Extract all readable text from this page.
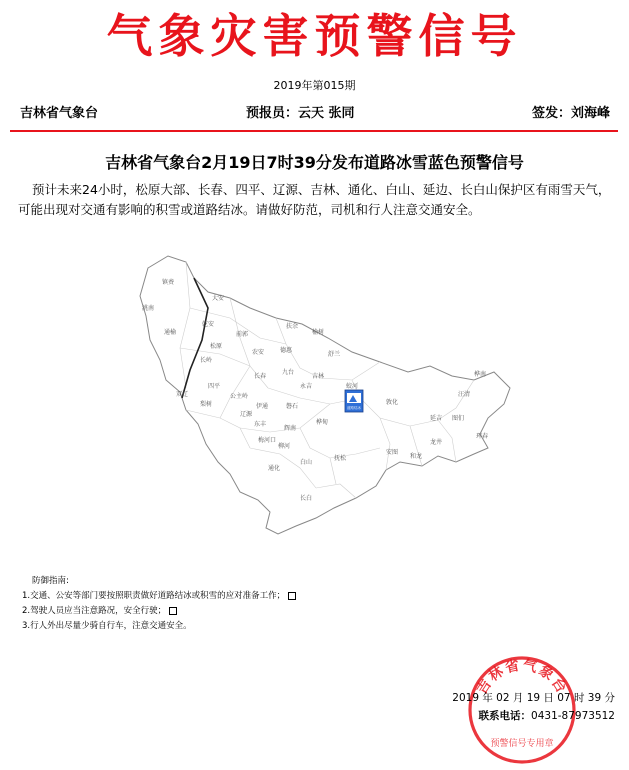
气象灾害预警信号
2019年第015期
吉林省气象台	预报员：云天 张同	签发：刘海峰
吉林省气象台2月19日7时39分发布道路冰雪蓝色预警信号
预计未来24小时，松原大部、长春、四平、辽源、吉林、通化、白山、延边、长白山保护区有雨雪天气，可能出现对交通有影响的积雪或道路结冰。请做好防范，司机和行人注意交通安全。
镇赉
洮南
通榆
大安
乾安
前郭
扶余
榆树
德惠
农安
松原
长岭
长春
双辽
九台
舒兰
吉林
蛟河
敦化
安图
公主岭
伊通	磐石
桦甸
梨树
四平
东丰
辽源
辉南
抚松
梅河口
柳河
通化
白山
长白
和龙
龙井
延吉 图们
汪清
珲春
永吉
桦南
道路结冰
防御指南:
1.交通、公安等部门要按照职责做好道路结冰或积雪的应对准备工作；
2.驾驶人员应当注意路况，安全行驶；
3.行人外出尽量少骑自行车，注意交通安全。
吉林省气象台
预警信号专用章
2019 年 02 月 19 日 07 时 39 分
联系电话：0431-87973512
